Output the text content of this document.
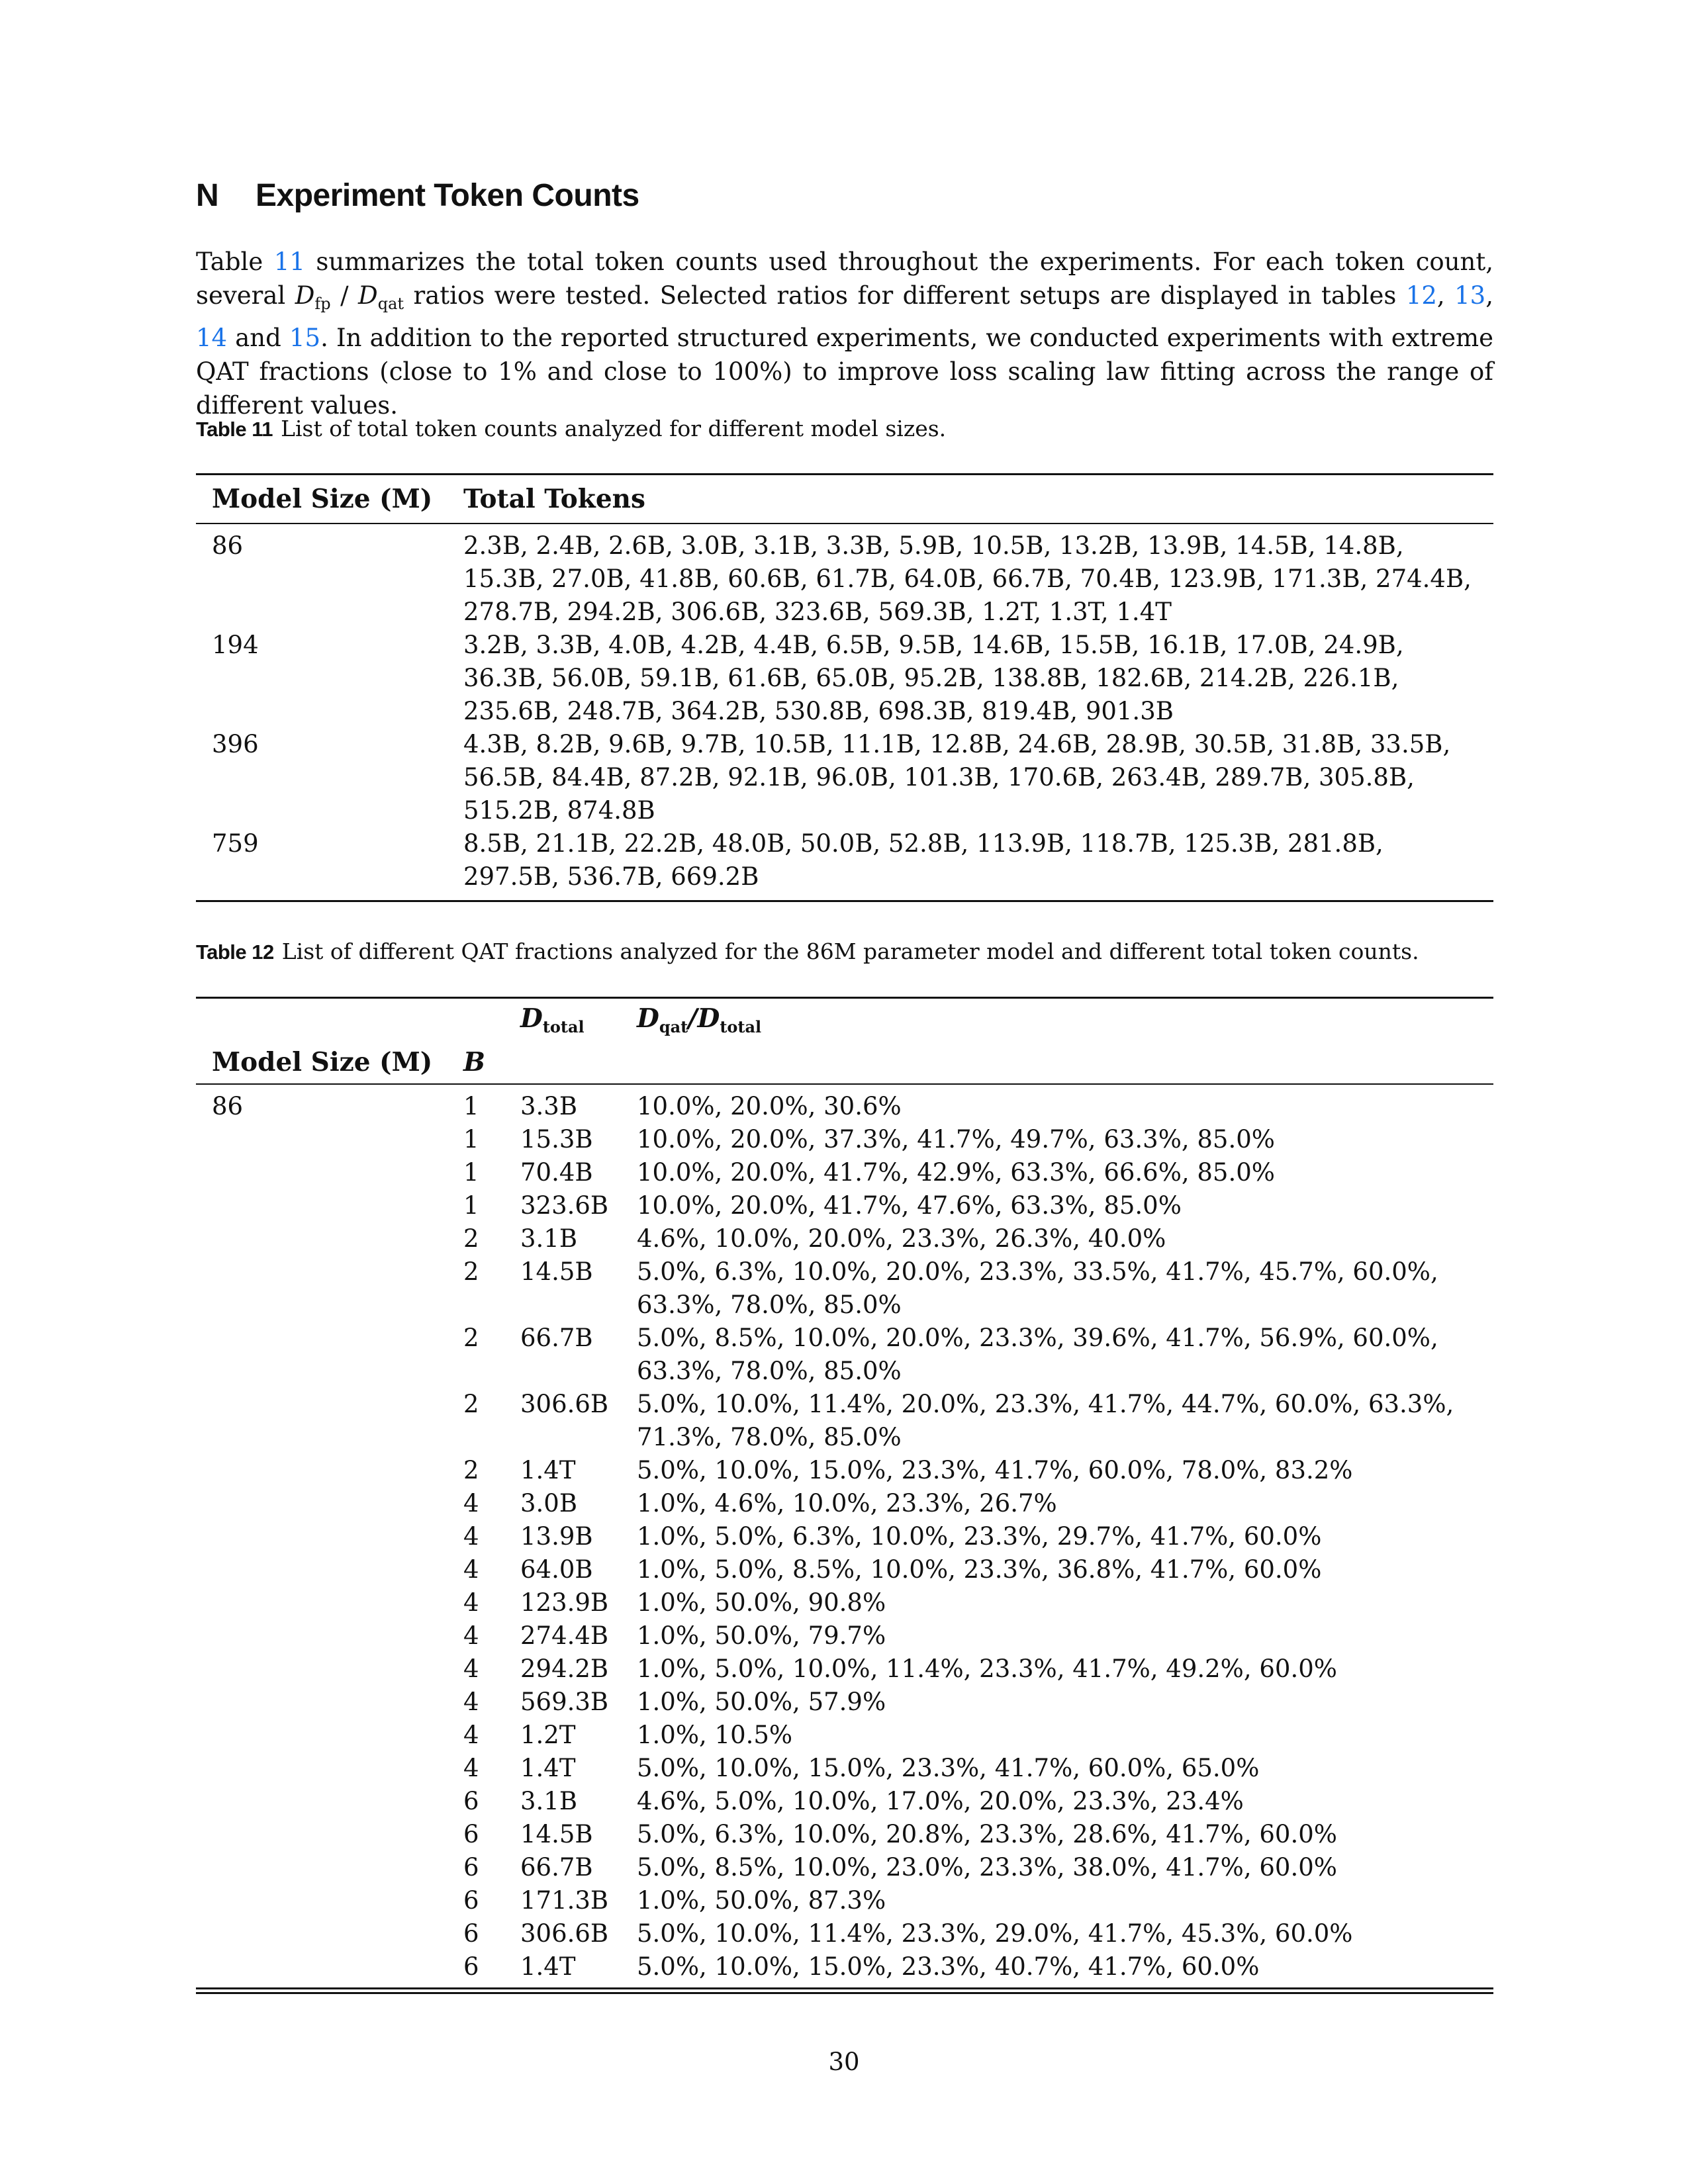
N Experiment Token Counts

Table 11 summarizes the total token counts used throughout the experiments. For each token count, several $D_{fp} / D_{qat}$ ratios were tested. Selected ratios for different setups are displayed in tables 12, 13, 14 and 15. In addition to the reported structured experiments, we conducted experiments with extreme QAT fractions (close to 1% and close to 100%) to improve loss scaling law fitting across the range of different values.

Table 11 List of total token counts analyzed for different model sizes.
Model Size (M)	Total Tokens
86	2.3B, 2.4B, 2.6B, 3.0B, 3.1B, 3.3B, 5.9B, 10.5B, 13.2B, 13.9B, 14.5B, 14.8B, 15.3B, 27.0B, 41.8B, 60.6B, 61.7B, 64.0B, 66.7B, 70.4B, 123.9B, 171.3B, 274.4B, 278.7B, 294.2B, 306.6B, 323.6B, 569.3B, 1.2T, 1.3T, 1.4T
194	3.2B, 3.3B, 4.0B, 4.2B, 4.4B, 6.5B, 9.5B, 14.6B, 15.5B, 16.1B, 17.0B, 24.9B, 36.3B, 56.0B, 59.1B, 61.6B, 65.0B, 95.2B, 138.8B, 182.6B, 214.2B, 226.1B, 235.6B, 248.7B, 364.2B, 530.8B, 698.3B, 819.4B, 901.3B
396	4.3B, 8.2B, 9.6B, 9.7B, 10.5B, 11.1B, 12.8B, 24.6B, 28.9B, 30.5B, 31.8B, 33.5B, 56.5B, 84.4B, 87.2B, 92.1B, 96.0B, 101.3B, 170.6B, 263.4B, 289.7B, 305.8B, 515.2B, 874.8B
759	8.5B, 21.1B, 22.2B, 48.0B, 50.0B, 52.8B, 113.9B, 118.7B, 125.3B, 281.8B, 297.5B, 536.7B, 669.2B
Table 12 List of different QAT fractions analyzed for the 86M parameter model and different total token counts.
		$D_{total}$	$D_{qat}/D_{total}$
Model Size (M)	B		
86	1	3.3B	10.0%, 20.0%, 30.6%
	1	15.3B	10.0%, 20.0%, 37.3%, 41.7%, 49.7%, 63.3%, 85.0%
	1	70.4B	10.0%, 20.0%, 41.7%, 42.9%, 63.3%, 66.6%, 85.0%
	1	323.6B	10.0%, 20.0%, 41.7%, 47.6%, 63.3%, 85.0%
	2	3.1B	4.6%, 10.0%, 20.0%, 23.3%, 26.3%, 40.0%
	2	14.5B	5.0%, 6.3%, 10.0%, 20.0%, 23.3%, 33.5%, 41.7%, 45.7%, 60.0%, 63.3%, 78.0%, 85.0%
	2	66.7B	5.0%, 8.5%, 10.0%, 20.0%, 23.3%, 39.6%, 41.7%, 56.9%, 60.0%, 63.3%, 78.0%, 85.0%
	2	306.6B	5.0%, 10.0%, 11.4%, 20.0%, 23.3%, 41.7%, 44.7%, 60.0%, 63.3%, 71.3%, 78.0%, 85.0%
	2	1.4T	5.0%, 10.0%, 15.0%, 23.3%, 41.7%, 60.0%, 78.0%, 83.2%
	4	3.0B	1.0%, 4.6%, 10.0%, 23.3%, 26.7%
	4	13.9B	1.0%, 5.0%, 6.3%, 10.0%, 23.3%, 29.7%, 41.7%, 60.0%
	4	64.0B	1.0%, 5.0%, 8.5%, 10.0%, 23.3%, 36.8%, 41.7%, 60.0%
	4	123.9B	1.0%, 50.0%, 90.8%
	4	274.4B	1.0%, 50.0%, 79.7%
	4	294.2B	1.0%, 5.0%, 10.0%, 11.4%, 23.3%, 41.7%, 49.2%, 60.0%
	4	569.3B	1.0%, 50.0%, 57.9%
	4	1.2T	1.0%, 10.5%
	4	1.4T	5.0%, 10.0%, 15.0%, 23.3%, 41.7%, 60.0%, 65.0%
	6	3.1B	4.6%, 5.0%, 10.0%, 17.0%, 20.0%, 23.3%, 23.4%
	6	14.5B	5.0%, 6.3%, 10.0%, 20.8%, 23.3%, 28.6%, 41.7%, 60.0%
	6	66.7B	5.0%, 8.5%, 10.0%, 23.0%, 23.3%, 38.0%, 41.7%, 60.0%
	6	171.3B	1.0%, 50.0%, 87.3%
	6	306.6B	5.0%, 10.0%, 11.4%, 23.3%, 29.0%, 41.7%, 45.3%, 60.0%
	6	1.4T	5.0%, 10.0%, 15.0%, 23.3%, 40.7%, 41.7%, 60.0%
30
